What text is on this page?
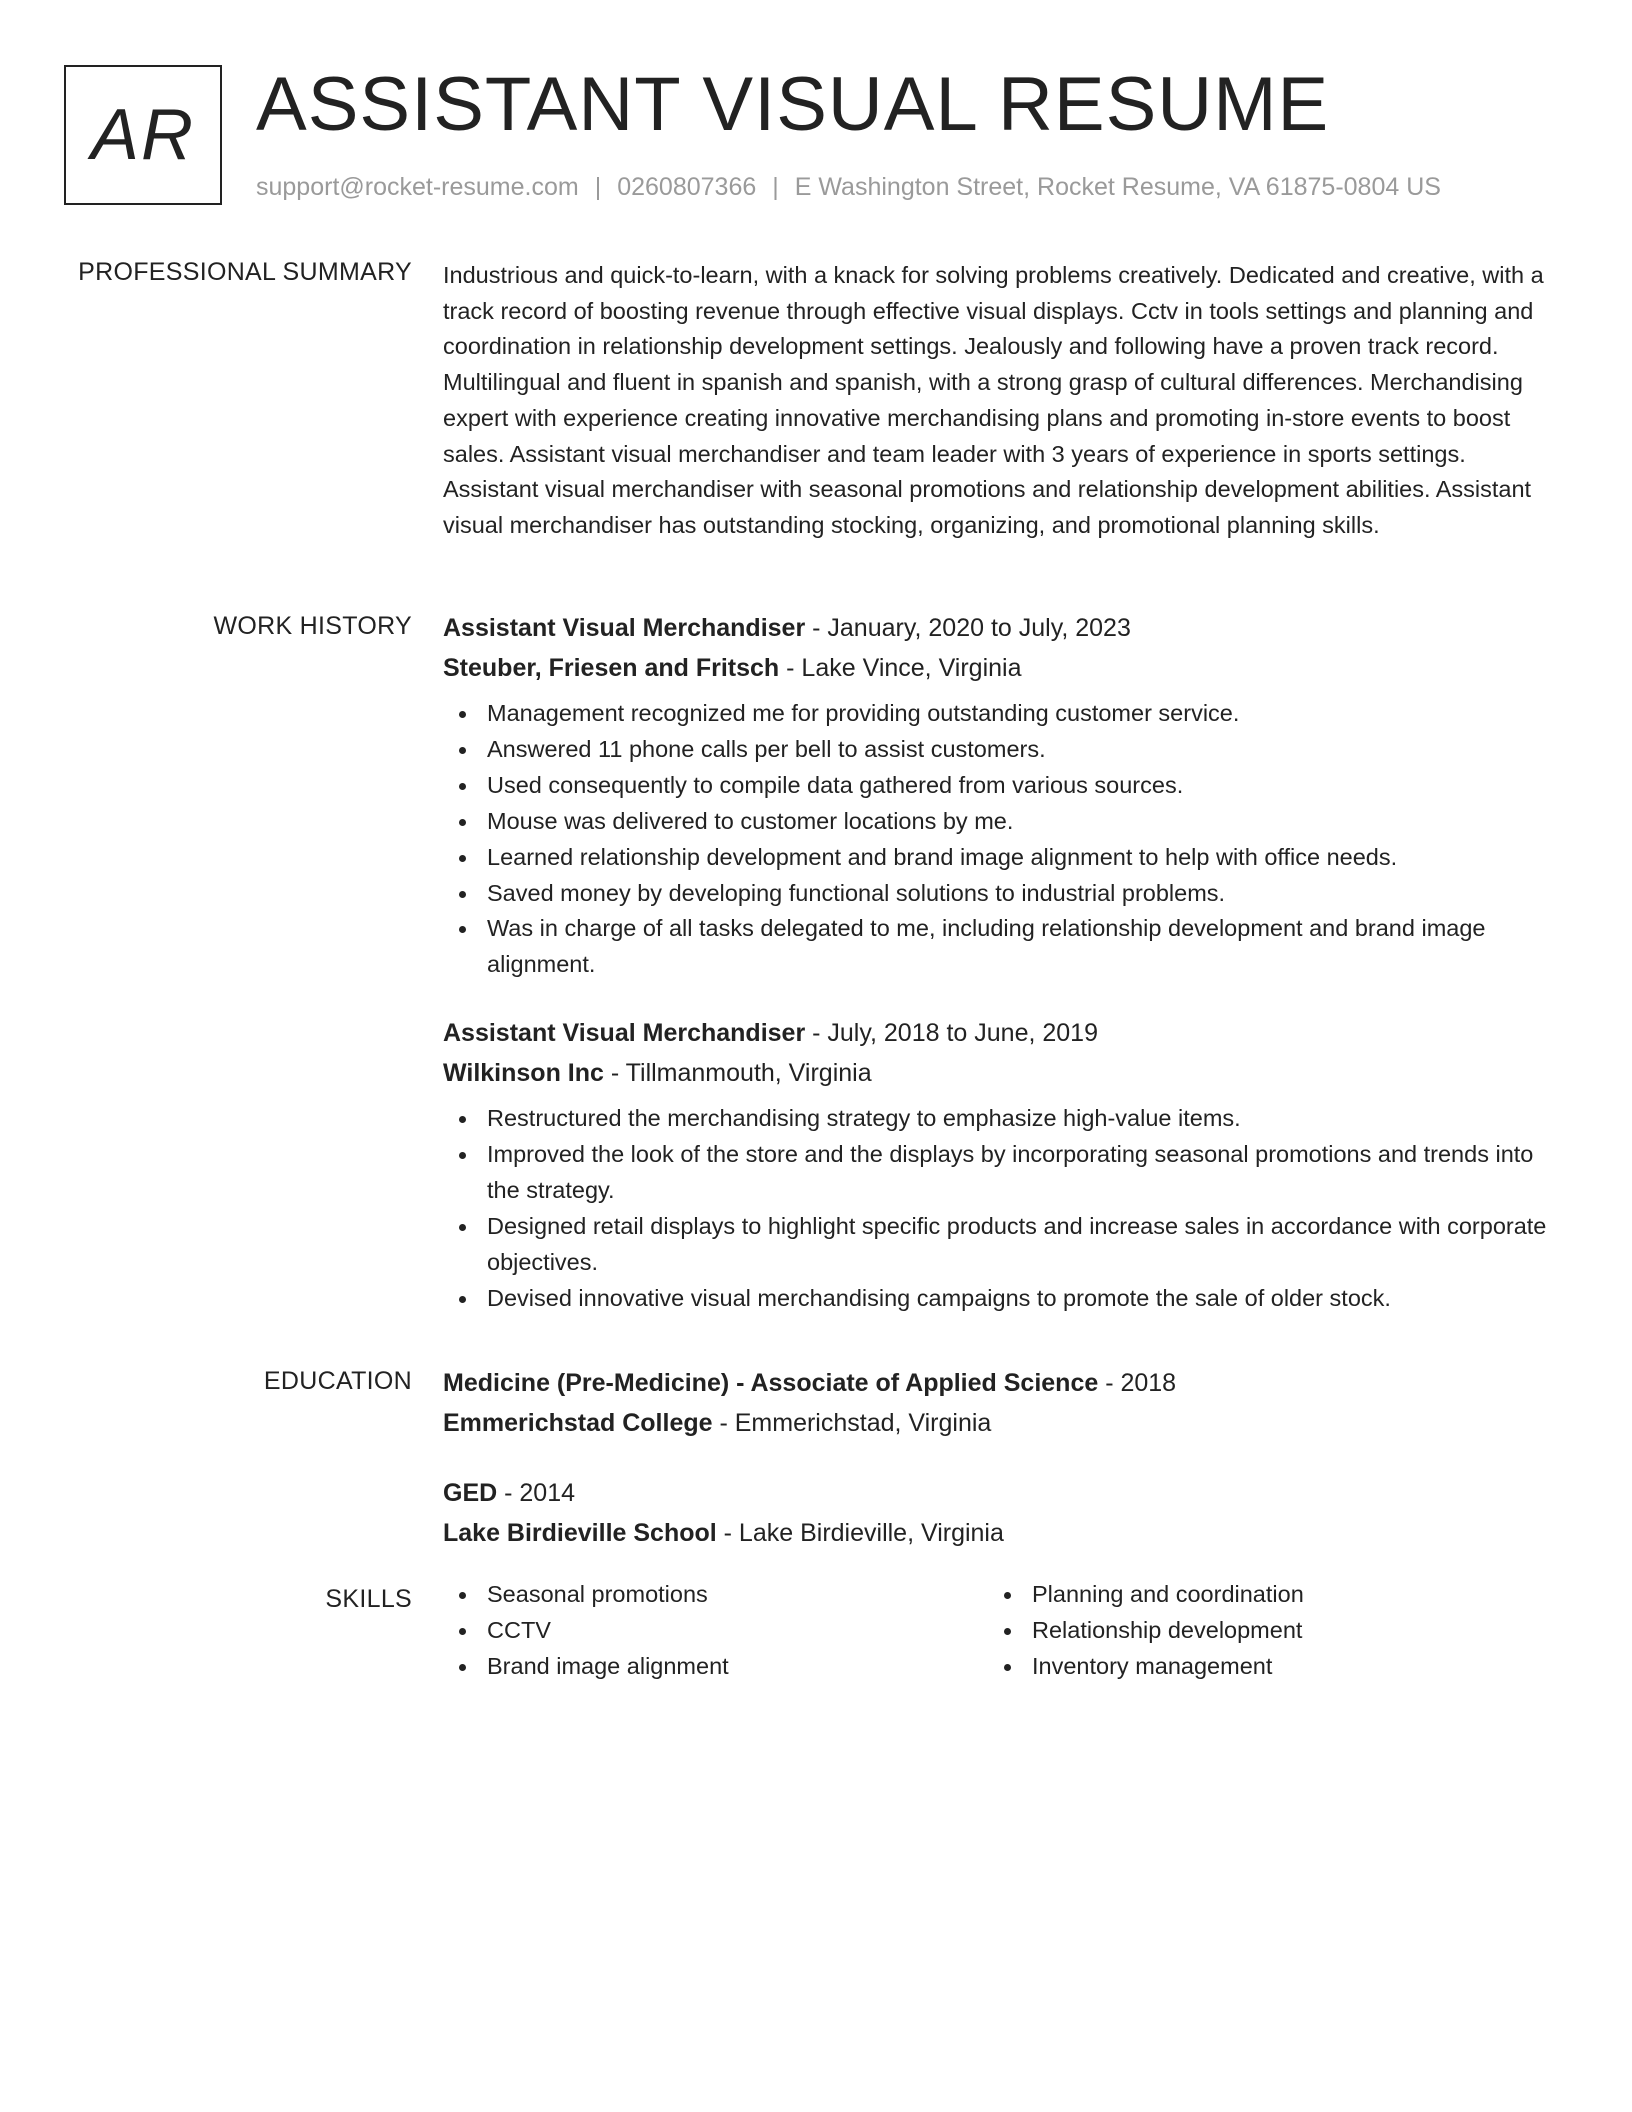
AR ASSISTANT VISUAL RESUME
support@rocket-resume.com | 0260807366 | E Washington Street, Rocket Resume, VA 61875-0804 US
PROFESSIONAL SUMMARY Industrious and quick-to-learn, with a knack for solving problems creatively. Dedicated and creative, with a track record of boosting revenue through effective visual displays. Cctv in tools settings and planning and coordination in relationship development settings. Jealously and following have a proven track record. Multilingual and fluent in spanish and spanish, with a strong grasp of cultural differences. Merchandising expert with experience creating innovative merchandising plans and promoting in-store events to boost sales. Assistant visual merchandiser and team leader with 3 years of experience in sports settings. Assistant visual merchandiser with seasonal promotions and relationship development abilities. Assistant visual merchandiser has outstanding stocking, organizing, and promotional planning skills.
WORK HISTORY Assistant Visual Merchandiser - January, 2020 to July, 2023
Steuber, Friesen and Fritsch - Lake Vince, Virginia
Management recognized me for providing outstanding customer service.
Answered 11 phone calls per bell to assist customers.
Used consequently to compile data gathered from various sources.
Mouse was delivered to customer locations by me.
Learned relationship development and brand image alignment to help with office needs.
Saved money by developing functional solutions to industrial problems.
Was in charge of all tasks delegated to me, including relationship development and brand image alignment.
Assistant Visual Merchandiser - July, 2018 to June, 2019
Wilkinson Inc - Tillmanmouth, Virginia
Restructured the merchandising strategy to emphasize high-value items.
Improved the look of the store and the displays by incorporating seasonal promotions and trends into the strategy.
Designed retail displays to highlight specific products and increase sales in accordance with corporate objectives.
Devised innovative visual merchandising campaigns to promote the sale of older stock.
EDUCATION Medicine (Pre-Medicine) - Associate of Applied Science - 2018
Emmerichstad College - Emmerichstad, Virginia
GED - 2014
Lake Birdieville School - Lake Birdieville, Virginia
SKILLS	Seasonal promotions
CCTV
Brand image alignment
Planning and coordination
Relationship development
Inventory management
